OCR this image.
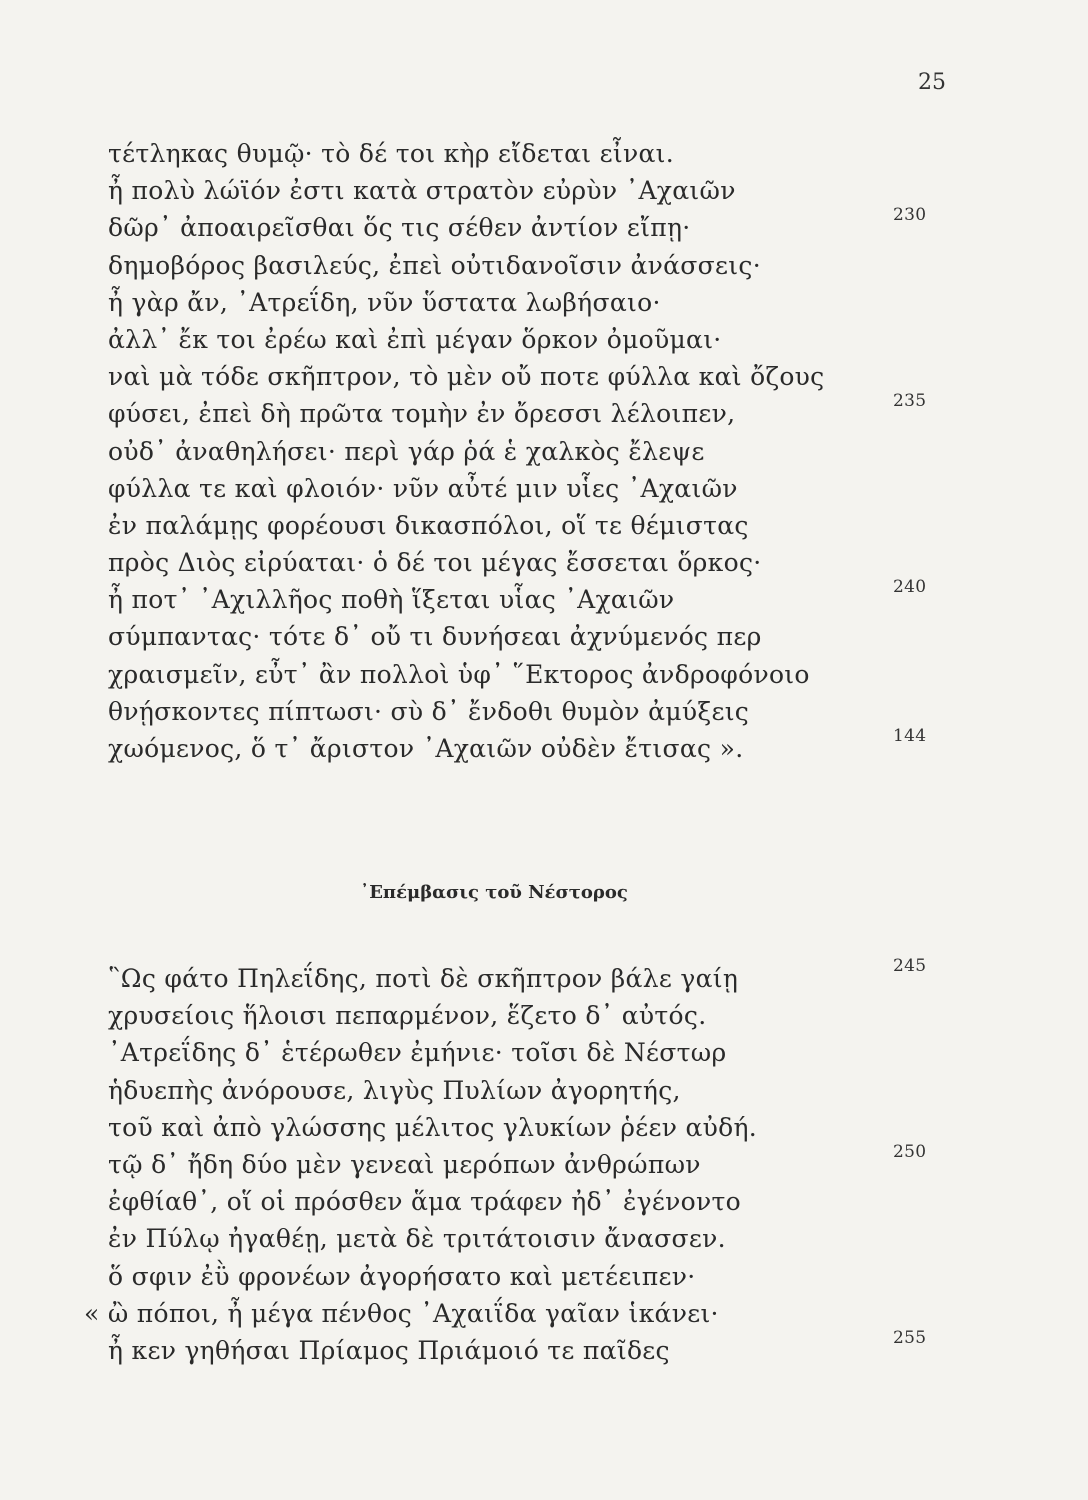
25
τέτληκας θυμῷ· τὸ δέ τοι κὴρ εἴδεται εἶναι.
ἦ πολὺ λώϊόν ἐστι κατὰ στρατὸν εὐρὺν ᾿Αχαιῶν
δῶρ᾿ ἀποαιρεῖσθαι ὅς τις σέθεν ἀντίον εἴπῃ·	230
δημοβόρος βασιλεύς, ἐπεὶ οὐτιδανοῖσιν ἀνάσσεις·
ἦ γὰρ ἄν, ᾿Ατρεΐδη, νῦν ὕστατα λωβήσαιο·
ἀλλ᾿ ἔκ τοι ἐρέω καὶ ἐπὶ μέγαν ὅρκον ὀμοῦμαι·
ναὶ μὰ τόδε σκῆπτρον, τὸ μὲν οὔ ποτε φύλλα καὶ ὄζους
φύσει, ἐπεὶ δὴ πρῶτα τομὴν ἐν ὄρεσσι λέλοιπεν,	235
οὐδ᾿ ἀναθηλήσει· περὶ γάρ ῥά ἑ χαλκὸς ἔλεψε
φύλλα τε καὶ φλοιόν· νῦν αὖτέ μιν υἷες ᾿Αχαιῶν
ἐν παλάμῃς φορέουσι δικασπόλοι, οἵ τε θέμιστας
πρὸς Διὸς εἰρύαται· ὁ δέ τοι μέγας ἔσσεται ὅρκος·
ἦ ποτ᾿ ᾿Αχιλλῆος ποθὴ ἵξεται υἷας ᾿Αχαιῶν	240
σύμπαντας· τότε δ᾿ οὔ τι δυνήσεαι ἀχνύμενός περ
χραισμεῖν, εὖτ᾿ ἂν πολλοὶ ὑφ᾿ ῞Εκτορος ἀνδροφόνοιο
θνῄσκοντες πίπτωσι· σὺ δ᾿ ἔνδοθι θυμὸν ἀμύξεις
χωόμενος, ὅ τ᾿ ἄριστον ᾿Αχαιῶν οὐδὲν ἔτισας ».	144
᾿Επέμβασις τοῦ Νέστορος
῝Ως φάτο Πηλεΐδης, ποτὶ δὲ σκῆπτρον βάλε γαίῃ	245
χρυσείοις ἥλοισι πεπαρμένον, ἕζετο δ᾿ αὐτός.
᾿Ατρεΐδης δ᾿ ἑτέρωθεν ἐμήνιε· τοῖσι δὲ Νέστωρ
ἡδυεπὴς ἀνόρουσε, λιγὺς Πυλίων ἀγορητής,
τοῦ καὶ ἀπὸ γλώσσης μέλιτος γλυκίων ῥέεν αὐδή.
τῷ δ᾿ ἤδη δύο μὲν γενεαὶ μερόπων ἀνθρώπων	250
ἐφθίαθ᾿, οἵ οἱ πρόσθεν ἅμα τράφεν ἠδ᾿ ἐγένοντο
ἐν Πύλῳ ἠγαθέῃ, μετὰ δὲ τριτάτοισιν ἄνασσεν.
ὅ σφιν ἐῢ φρονέων ἀγορήσατο καὶ μετέειπεν·
« ὢ πόποι, ἦ μέγα πένθος ᾿Αχαιΐδα γαῖαν ἱκάνει·
ἦ κεν γηθήσαι Πρίαμος Πριάμοιό τε παῖδες	255
